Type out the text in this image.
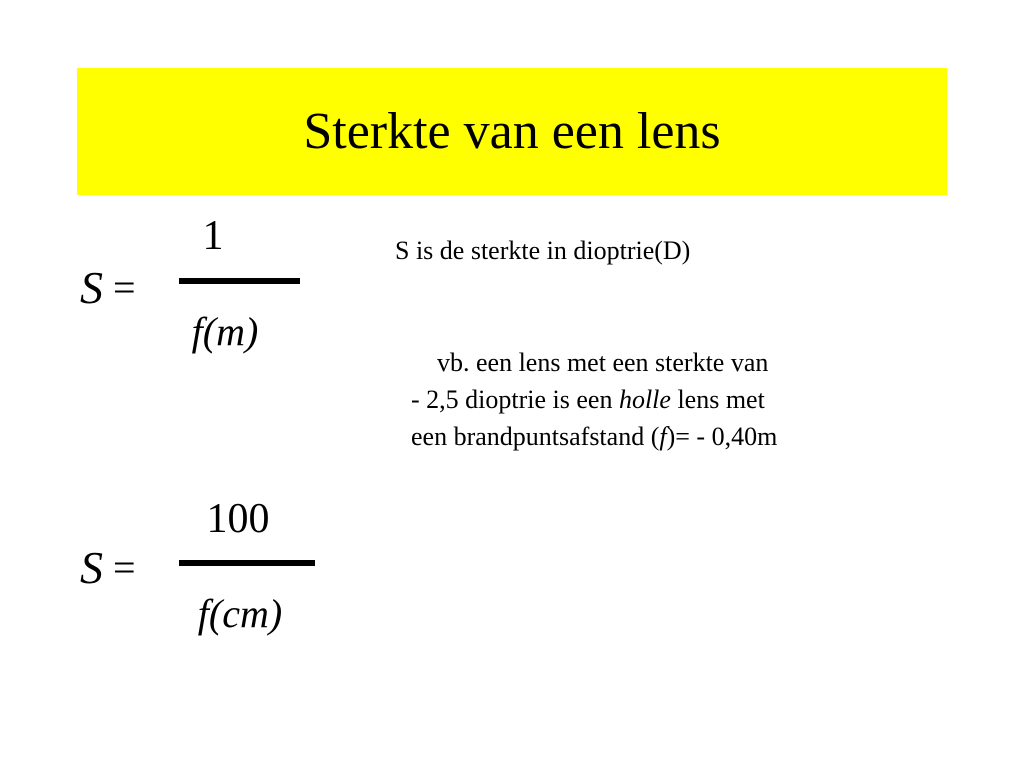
Sterkte van een lens
S =
1
f(m)
S =
100
f(cm)
S is de sterkte in dioptrie(D)
vb. een lens met een sterkte van
- 2,5 dioptrie is een holle lens met
een brandpuntsafstand (f)= - 0,40m
